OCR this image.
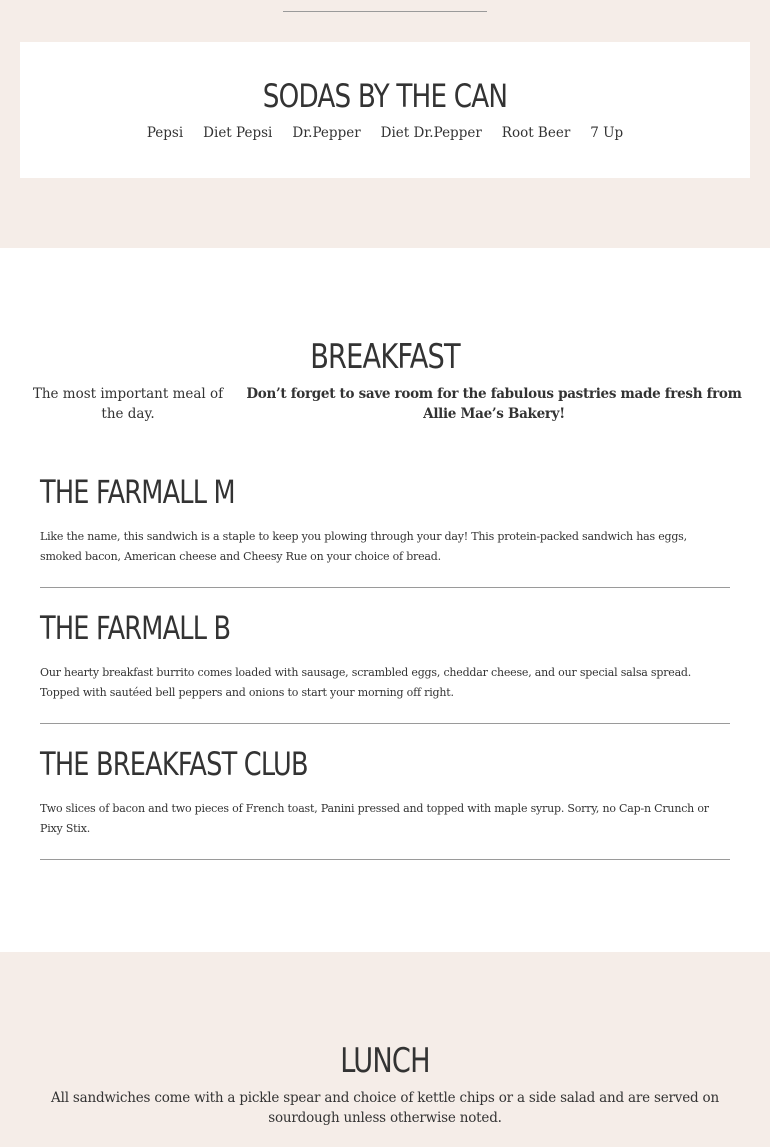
SODAS BY THE CAN
Pepsi Diet Pepsi Dr.Pepper Diet Dr.Pepper Root Beer 7 Up
BREAKFAST
The most important meal of the day.
Don’t forget to save room for the fabulous pastries made fresh from Allie Mae’s Bakery!
THE FARMALL M
Like the name, this sandwich is a staple to keep you plowing through your day! This protein-packed sandwich has eggs, smoked bacon, American cheese and Cheesy Rue on your choice of bread.
THE FARMALL B
Our hearty breakfast burrito comes loaded with sausage, scrambled eggs, cheddar cheese, and our special salsa spread. Topped with sautéed bell peppers and onions to start your morning off right.
THE BREAKFAST CLUB
Two slices of bacon and two pieces of French toast, Panini pressed and topped with maple syrup. Sorry, no Cap-n Crunch or Pixy Stix.
LUNCH
All sandwiches come with a pickle spear and choice of kettle chips or a side salad and are served on sourdough unless otherwise noted.
